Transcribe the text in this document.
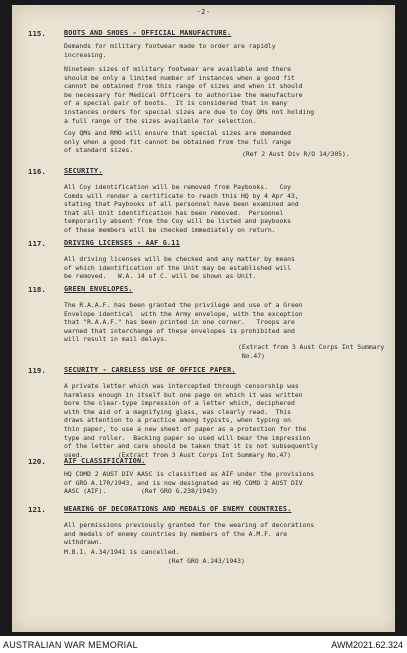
-2-
115.	BOOTS AND SHOES - OFFICIAL MANUFACTURE.
Demands for military footwear made to order are rapidly
increasing.
Nineteen sizes of military footwear are available and there
should be only a limited number of instances when a good fit
cannot be obtained from this range of sizes and when it should
be necessary for Medical Officers to authorise the manufacture
of a special pair of boots.  It is considered that in many
instances orders for special sizes are due to Coy QMs not holding
a full range of the sizes available for selection.
Coy QMs and RMO will ensure that special sizes are demanded
only when a good fit cannot be obtained from the full range
of standard sizes.	(Ref 2 Aust Div R/O 14/305).
116.	SECURITY.
All Coy identification will be removed from Paybooks.   Coy
Comds will render a certificate to reach this HQ by 4 Apr 43,
stating that Paybooks of all personnel have been examined and
that all Unit identification has been removed.  Personnel
temporarily absent from the Coy will be listed and paybooks
of these members will be checked immediately on return.
117.	DRIVING LICENSES - AAF G.11
All driving licenses will be checked and any matter by means
of which identification of the Unit may be established will
be removed.   W.A. 14 of C. will be shown as Unit.
118.	GREEN ENVELOPES.
The R.A.A.F. has been granted the privilege and use of a Green
Envelope identical  with the Army envelope, with the exception
that "R.A.A.F." has been printed in one corner.   Troops are
warned that interchange of these envelopes is prohibited and
will result in mail delays.
(Extract from 3 Aust Corps Int Summary
No.47)
119.	SECURITY - CARELESS USE OF OFFICE PAPER.
A private letter which was intercepted through censorship was
harmless enough in itself but one page on which it was written
bore the clear-type impression of a letter which, deciphered
with the aid of a magnifying glass, was clearly read.  This
draws attention to a practice among typists, when typing on
thin paper, to use a new sheet of paper as a protection for the
type and roller.  Backing paper so used will bear the impression
of the letter and care should be taken that it is not subsequently
used.         (Extract from 3 Aust Corps Int Summary No.47)
120.	AIF CLASSIFICATION.
HQ COMD 2 AUST DIV AASC is classified as AIF under the provisions
of GRO A.170/1943, and is now designated as HQ COMD 2 AUST DIV
AASC (AIF).         (Ref GRO G.238/1943)
121.	WEARING OF DECORATIONS AND MEDALS OF ENEMY COUNTRIES.
All permissions previously granted for the wearing of decorations
and medals of enemy countries by members of the A.M.F. are
withdrawn.
M.B.I. A.34/1941 is cancelled.
(Ref GRO A.243/1943)
AUSTRALIAN WAR MEMORIAL	AWM2021.62.324
